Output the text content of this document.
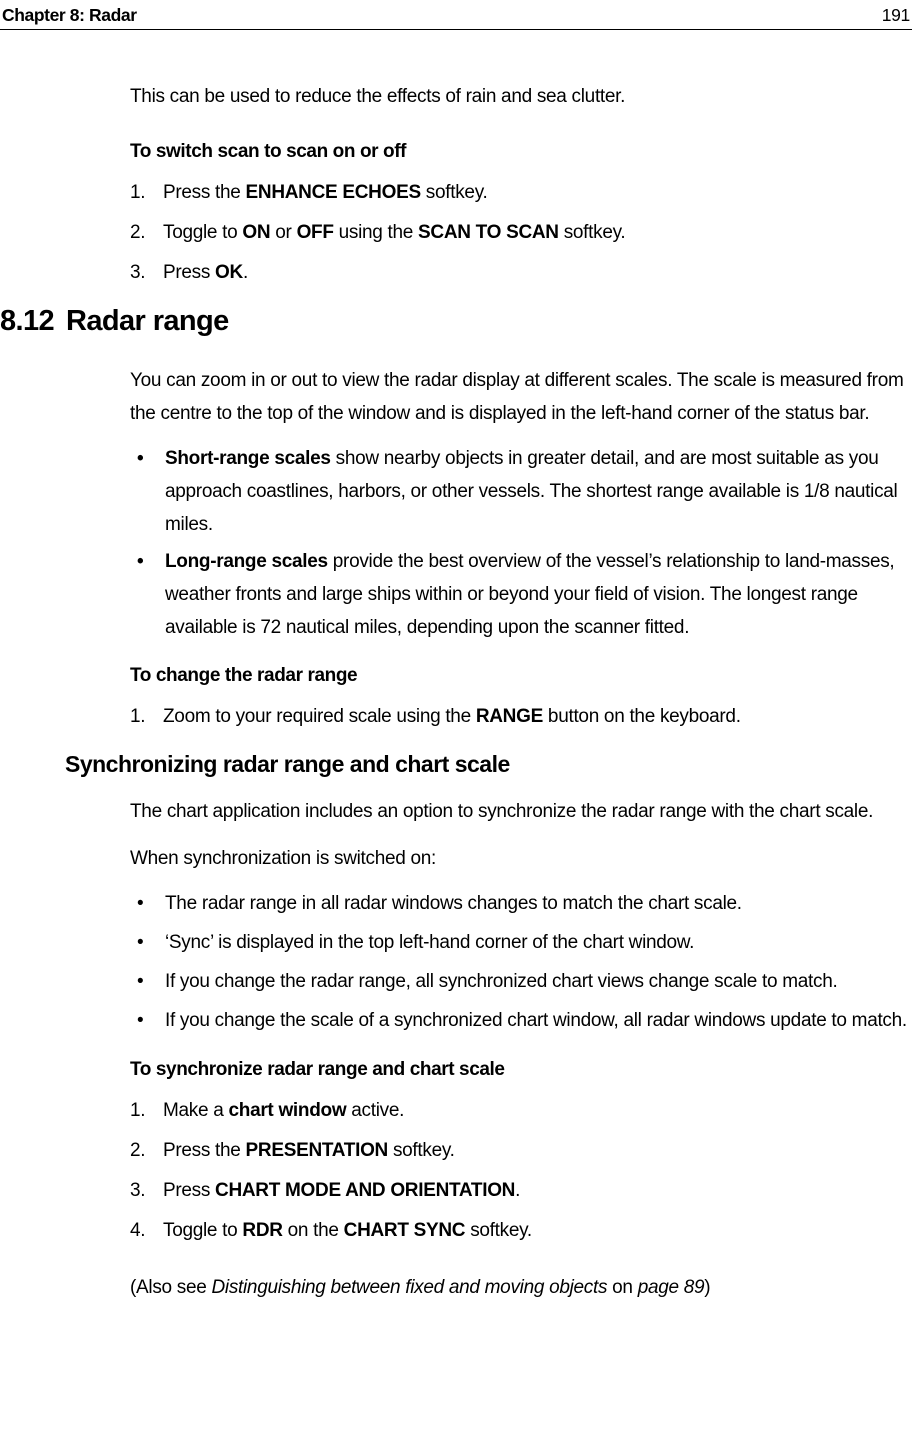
Chapter 8: Radar	191

This can be used to reduce the effects of rain and sea clutter.

To switch scan to scan on or off
1. Press the ENHANCE ECHOES softkey.
2. Toggle to ON or OFF using the SCAN TO SCAN softkey.
3. Press OK.
8.12 Radar range

You can zoom in or out to view the radar display at different scales. The scale is measured from the centre to the top of the window and is displayed in the left-hand corner of the status bar.

•	Short-range scales show nearby objects in greater detail, and are most suitable as you approach coastlines, harbors, or other vessels. The shortest range available is 1/8 nautical miles.
•	Long-range scales provide the best overview of the vessel’s relationship to land-masses, weather fronts and large ships within or beyond your field of vision. The longest range available is 72 nautical miles, depending upon the scanner fitted.
To change the radar range
1. Zoom to your required scale using the RANGE button on the keyboard.
Synchronizing radar range and chart scale

The chart application includes an option to synchronize the radar range with the chart scale.

When synchronization is switched on:

•	The radar range in all radar windows changes to match the chart scale.
•	‘Sync’ is displayed in the top left-hand corner of the chart window.
•	If you change the radar range, all synchronized chart views change scale to match.
•	If you change the scale of a synchronized chart window, all radar windows update to match.
To synchronize radar range and chart scale
1. Make a chart window active.
2. Press the PRESENTATION softkey.
3. Press CHART MODE AND ORIENTATION.
4. Toggle to RDR on the CHART SYNC softkey.

(Also see Distinguishing between fixed and moving objects on page 89)
